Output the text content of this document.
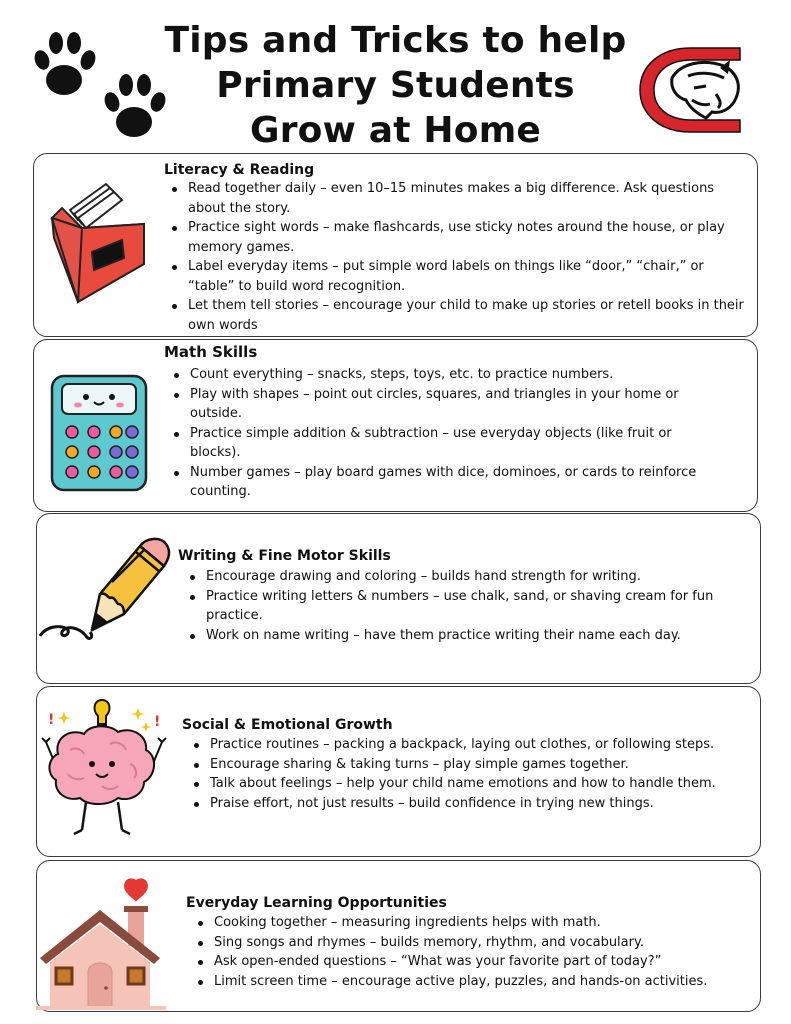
Tips and Tricks to help
Primary Students
Grow at Home
Literacy & Reading
Read together daily – even 10–15 minutes makes a big difference. Ask questions about the story.
Practice sight words – make flashcards, use sticky notes around the house, or play memory games.
Label everyday items – put simple word labels on things like “door,” “chair,” or “table” to build word recognition.
Let them tell stories – encourage your child to make up stories or retell books in their own words
Math Skills
Count everything – snacks, steps, toys, etc. to practice numbers.
Play with shapes – point out circles, squares, and triangles in your home or outside.
Practice simple addition & subtraction – use everyday objects (like fruit or blocks).
Number games – play board games with dice, dominoes, or cards to reinforce counting.
Writing & Fine Motor Skills
Encourage drawing and coloring – builds hand strength for writing.
Practice writing letters & numbers – use chalk, sand, or shaving cream for fun practice.
Work on name writing – have them practice writing their name each day.
!	! Social & Emotional Growth
Practice routines – packing a backpack, laying out clothes, or following steps.
Encourage sharing & taking turns – play simple games together.
Talk about feelings – help your child name emotions and how to handle them.
Praise effort, not just results – build confidence in trying new things.
Everyday Learning Opportunities
Cooking together – measuring ingredients helps with math.
Sing songs and rhymes – builds memory, rhythm, and vocabulary.
Ask open-ended questions – “What was your favorite part of today?”
Limit screen time – encourage active play, puzzles, and hands-on activities.
